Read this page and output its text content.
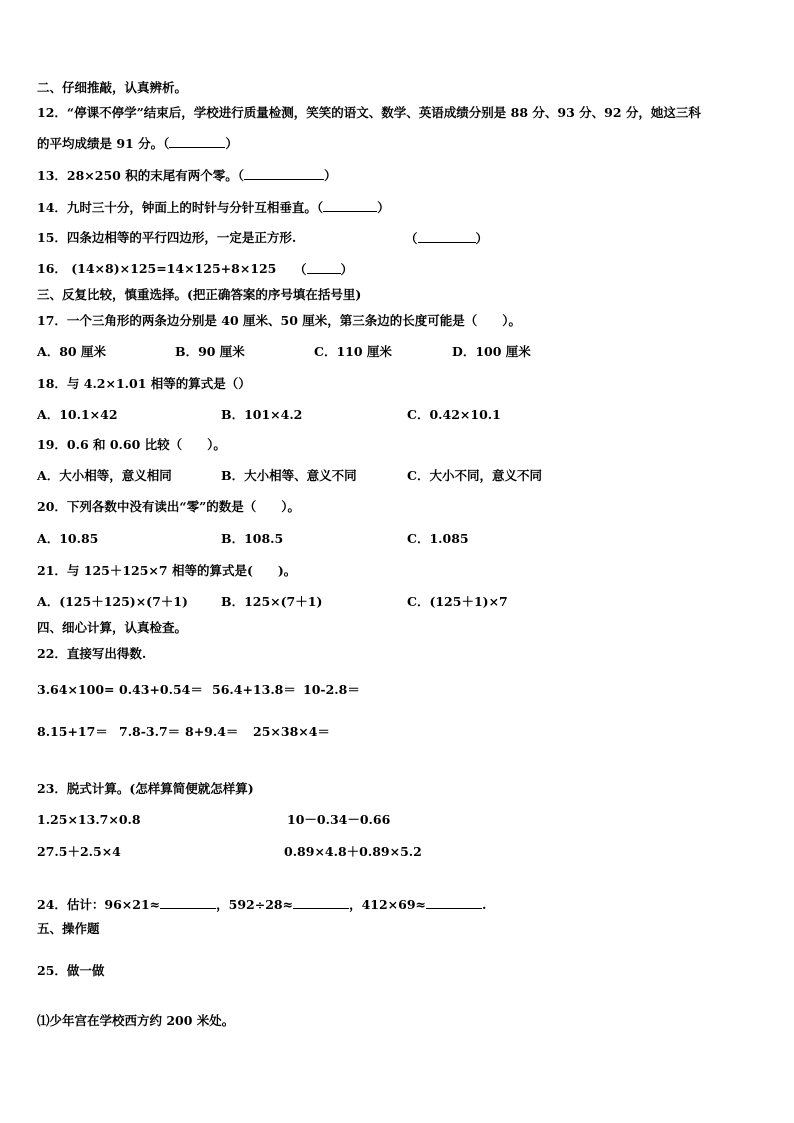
二、仔细推敲，认真辨析。
12．“停课不停学”结束后，学校进行质量检测，笑笑的语文、数学、英语成绩分别是 88 分、93 分、92 分，她这三科
的平均成绩是 91 分。（	）
13．28×250 积的末尾有两个零。（	）
14．九时三十分，钟面上的时针与分针互相垂直。（	）
15．四条边相等的平行四边形，一定是正方形.	（	）
16． (14×8)×125=14×125+8×125 （	）
三、反复比较，慎重选择。(把正确答案的序号填在括号里)
17．一个三角形的两条边分别是 40 厘米、50 厘米，第三条边的长度可能是（　　）。
A．80 厘米	B．90 厘米	C．110 厘米	D．100 厘米
18．与 4.2×1.01 相等的算式是（）
A．10.1×42	B．101×4.2	C．0.42×10.1
19．0.6 和 0.60 比较（　　）。
A．大小相等，意义相同	B．大小相等、意义不同	C．大小不同，意义不同
20．下列各数中没有读出“零”的数是（　　）。
A．10.85	B．108.5	C．1.085
21．与 125＋125×7 相等的算式是(　　)。
A．(125＋125)×(7＋1)	B．125×(7＋1)	C．(125＋1)×7
四、细心计算，认真检查。
22．直接写出得数.
3.64×100= 0.43+0.54＝ 56.4+13.8＝ 10-2.8＝
8.15+17＝ 7.8-3.7＝ 8+9.4＝ 25×38×4＝
23．脱式计算。(怎样算简便就怎样算)
1.25×13.7×0.8	10－0.34－0.66
27.5＋2.5×4	0.89×4.8＋0.89×5.2
24．估计：96×21≈	，592÷28≈	，412×69≈	.
五、操作题
25．做一做
⑴少年宫在学校西方约 200 米处。
